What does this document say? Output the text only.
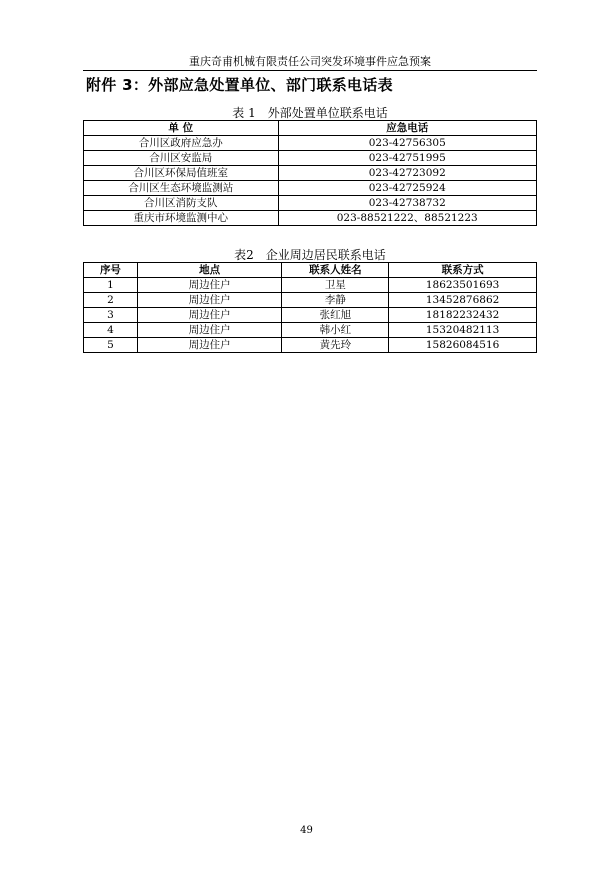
重庆奇甫机械有限责任公司突发环境事件应急预案
附件 3：外部应急处置单位、部门联系电话表
表 1　外部处置单位联系电话
单 位	应急电话
合川区政府应急办	023-42756305
合川区安监局	023-42751995
合川区环保局值班室	023-42723092
合川区生态环境监测站	023-42725924
合川区消防支队	023-42738732
重庆市环境监测中心	023-88521222、88521223
表2　企业周边居民联系电话
序号	地点	联系人姓名	联系方式
1	周边住户	卫星	18623501693
2	周边住户	李静	13452876862
3	周边住户	张红旭	18182232432
4	周边住户	韩小红	15320482113
5	周边住户	黄先玲	15826084516
49
